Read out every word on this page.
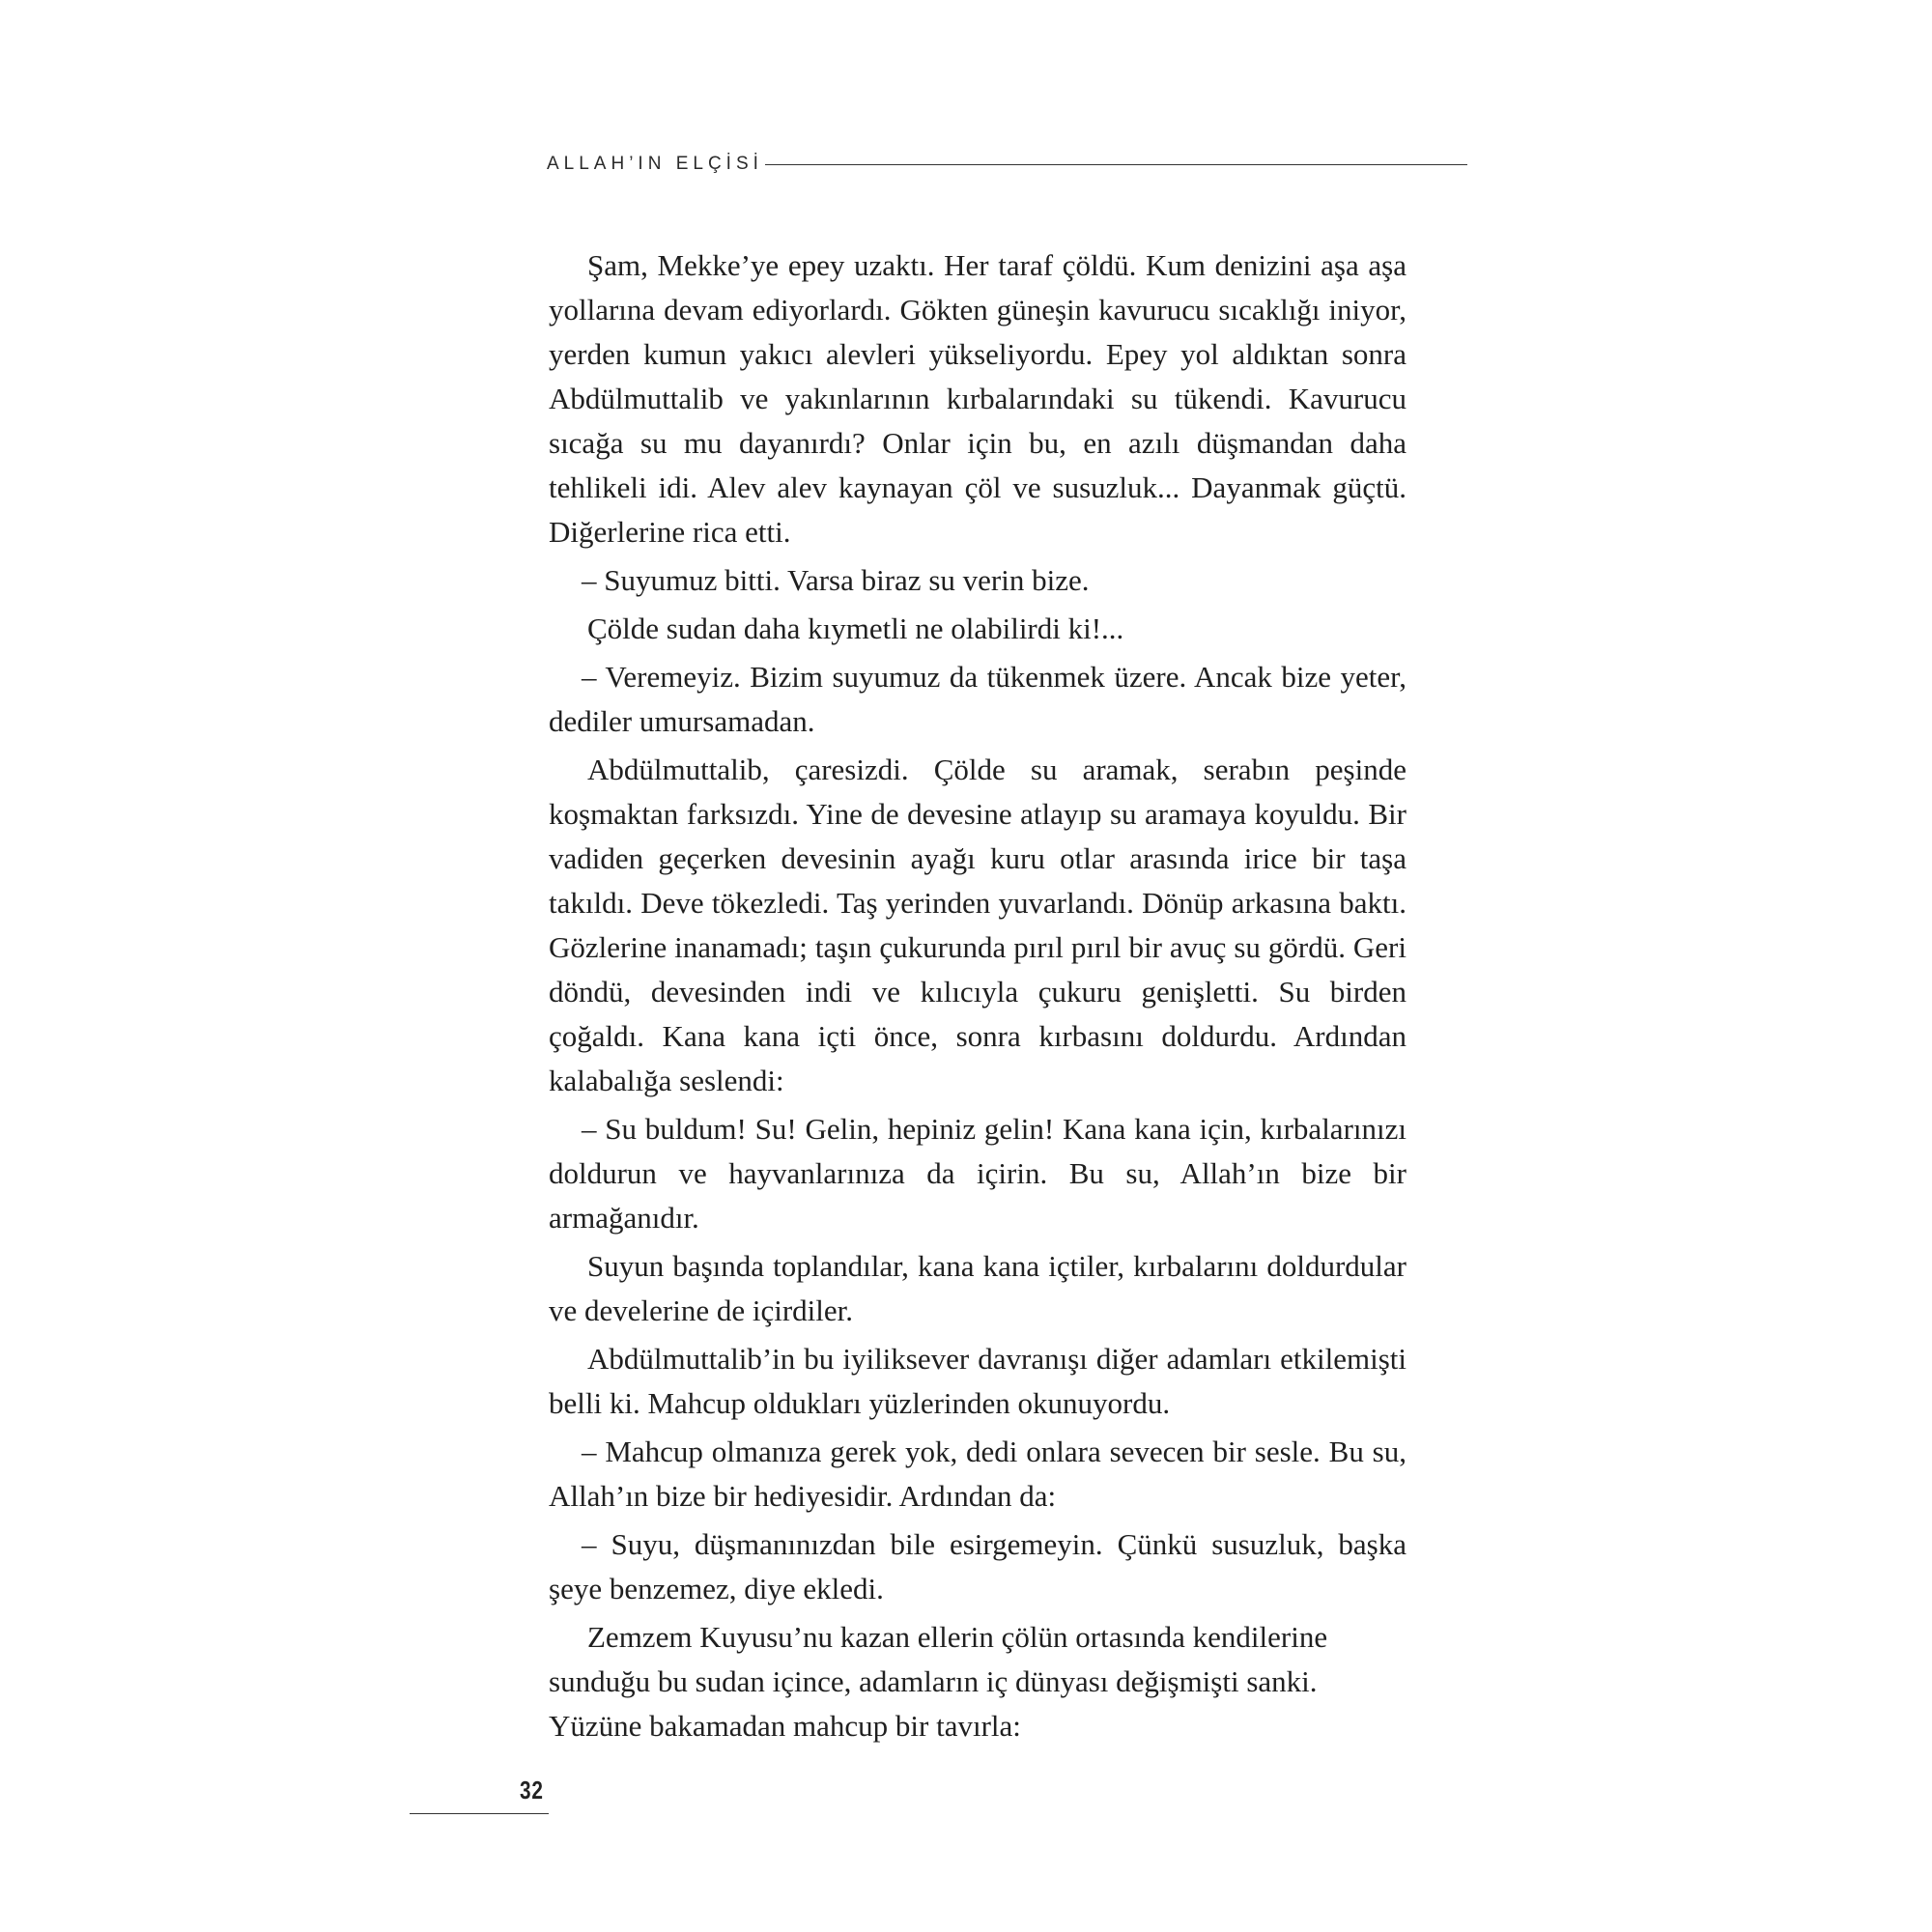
ALLAH’IN ELÇİSİ

Şam, Mekke’ye epey uzaktı. Her taraf çöldü. Kum denizini aşa aşa yollarına devam ediyorlardı. Gökten güneşin kavurucu sıcaklığı iniyor, yerden kumun yakıcı alevleri yükseliyordu. Epey yol aldıktan sonra Abdülmuttalib ve yakınlarının kırbalarındaki su tükendi. Kavurucu sıcağa su mu dayanırdı? Onlar için bu, en azılı düşmandan daha tehlikeli idi. Alev alev kaynayan çöl ve susuzluk... Dayanmak güçtü. Diğerlerine rica etti.

– Suyumuz bitti. Varsa biraz su verin bize.

Çölde sudan daha kıymetli ne olabilirdi ki!...

– Veremeyiz. Bizim suyumuz da tükenmek üzere. Ancak bize yeter, dediler umursamadan.

Abdülmuttalib, çaresizdi. Çölde su aramak, serabın peşinde koşmaktan farksızdı. Yine de devesine atlayıp su aramaya koyuldu. Bir vadiden geçerken devesinin ayağı kuru otlar arasında irice bir taşa takıldı. Deve tökezledi. Taş yerinden yuvarlandı. Dönüp arkasına baktı. Gözlerine inanamadı; taşın çukurunda pırıl pırıl bir avuç su gördü. Geri döndü, devesinden indi ve kılıcıyla çukuru genişletti. Su birden çoğaldı. Kana kana içti önce, sonra kırbasını doldurdu. Ardından kalabalığa seslendi:

– Su buldum! Su! Gelin, hepiniz gelin! Kana kana için, kırbalarınızı doldurun ve hayvanlarınıza da içirin. Bu su, Allah’ın bize bir armağanıdır.

Suyun başında toplandılar, kana kana içtiler, kırbalarını doldurdular ve develerine de içirdiler.

Abdülmuttalib’in bu iyiliksever davranışı diğer adamları etkilemişti belli ki. Mahcup oldukları yüzlerinden okunuyordu.

– Mahcup olmanıza gerek yok, dedi onlara sevecen bir sesle. Bu su, Allah’ın bize bir hediyesidir. Ardından da:

– Suyu, düşmanınızdan bile esirgemeyin. Çünkü susuzluk, başka şeye benzemez, diye ekledi.

Zemzem Kuyusu’nu kazan ellerin çölün ortasında kendilerine sunduğu bu sudan içince, adamların iç dünyası değişmişti sanki. Yüzüne bakamadan mahcup bir tavırla:

32
